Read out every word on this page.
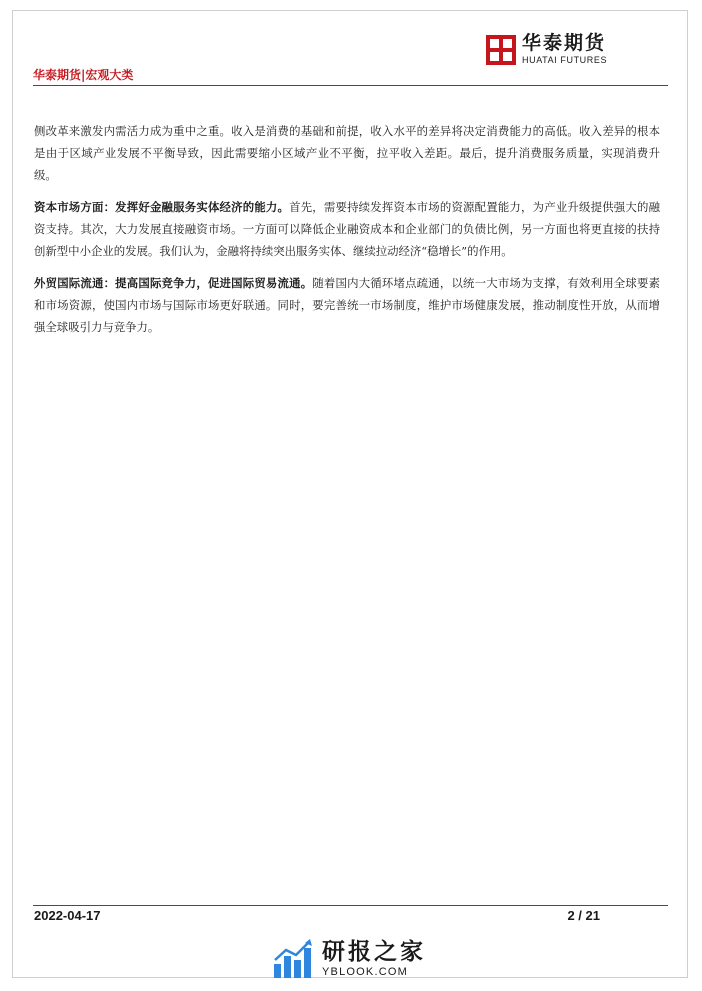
华泰期货
HUATAI FUTURES
华泰期货|宏观大类

侧改革来激发内需活力成为重中之重。收入是消费的基础和前提，收入水平的差异将决定消费能力的高低。收入差异的根本是由于区域产业发展不平衡导致，因此需要缩小区域产业不平衡，拉平收入差距。最后，提升消费服务质量，实现消费升级。

资本市场方面：发挥好金融服务实体经济的能力。首先，需要持续发挥资本市场的资源配置能力，为产业升级提供强大的融资支持。其次，大力发展直接融资市场。一方面可以降低企业融资成本和企业部门的负债比例，另一方面也将更直接的扶持创新型中小企业的发展。我们认为，金融将持续突出服务实体、继续拉动经济“稳增长”的作用。

外贸国际流通：提高国际竞争力，促进国际贸易流通。随着国内大循环堵点疏通，以统一大市场为支撑，有效利用全球要素和市场资源，使国内市场与国际市场更好联通。同时，要完善统一市场制度，维护市场健康发展，推动制度性开放，从而增强全球吸引力与竞争力。

2022-04-17	2 / 21
研报之家
YBLOOK.COM
